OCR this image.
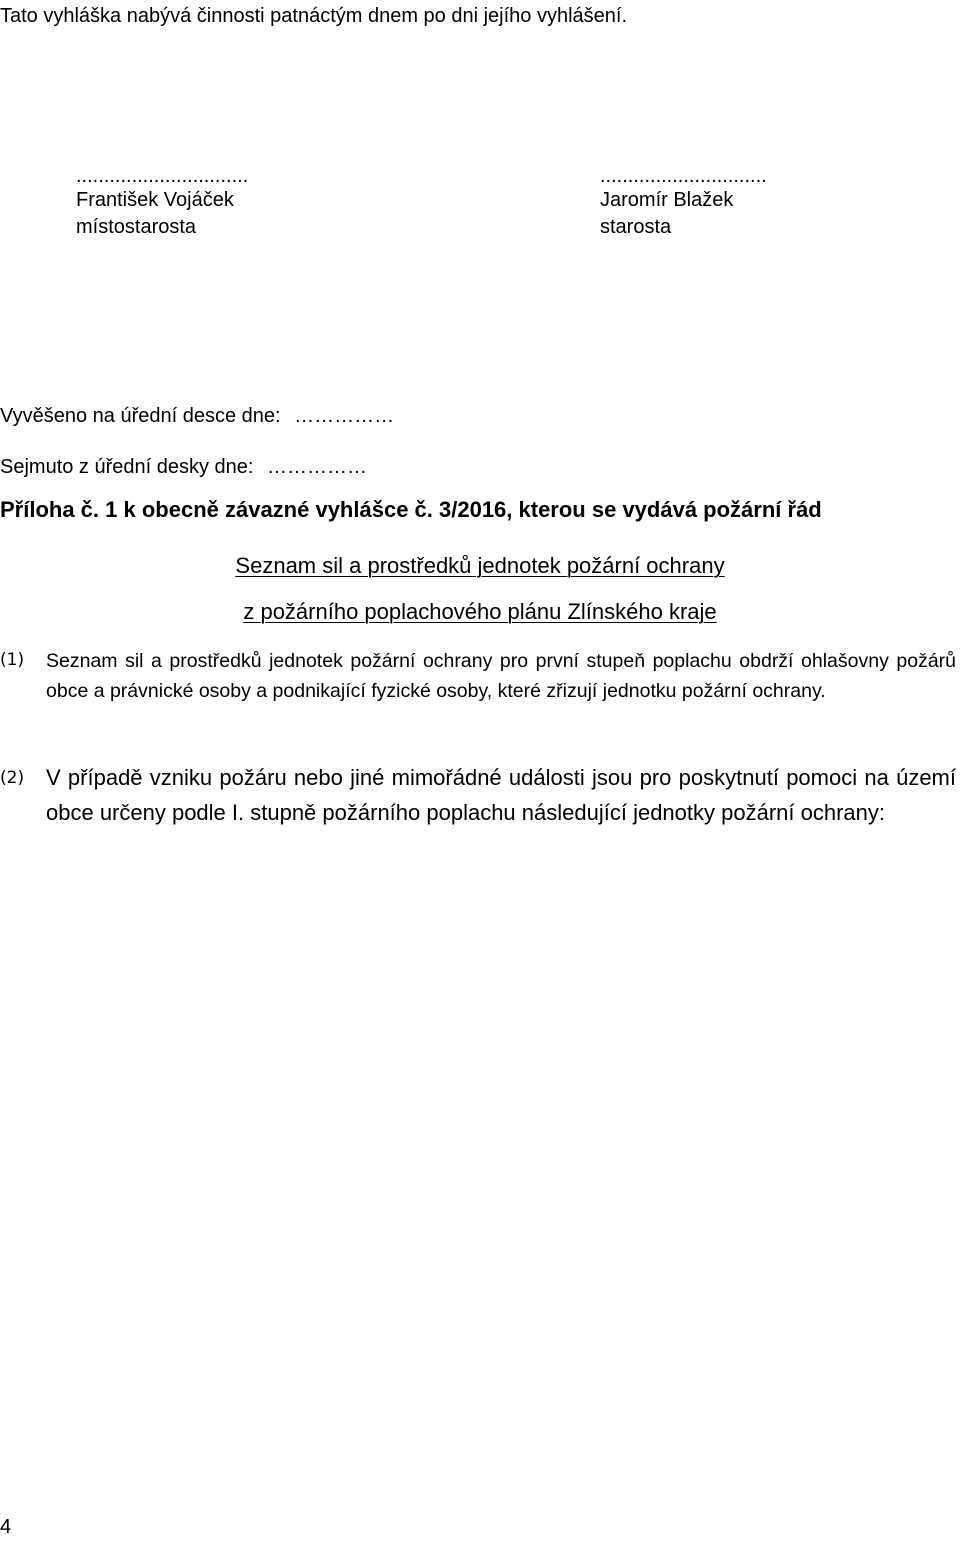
Tato vyhláška nabývá činnosti patnáctým dnem po dni jejího vyhlášení.
...............................
František Vojáček
místostarosta
..............................
Jaromír Blažek
starosta
Vyvěšeno na úřední desce dne: ……………
Sejmuto z úřední desky dne: ……………
Příloha č. 1 k obecně závazné vyhlášce č. 3/2016, kterou se vydává požární řád
Seznam sil a prostředků jednotek požární ochrany
z požárního poplachového plánu Zlínského kraje
(1) Seznam sil a prostředků jednotek požární ochrany pro první stupeň poplachu obdrží ohlašovny požárů obce a právnické osoby a podnikající fyzické osoby, které zřizují jednotku požární ochrany.
(2) V případě vzniku požáru nebo jiné mimořádné události jsou pro poskytnutí pomoci na území obce určeny podle I. stupně požárního poplachu následující jednotky požární ochrany:
4
